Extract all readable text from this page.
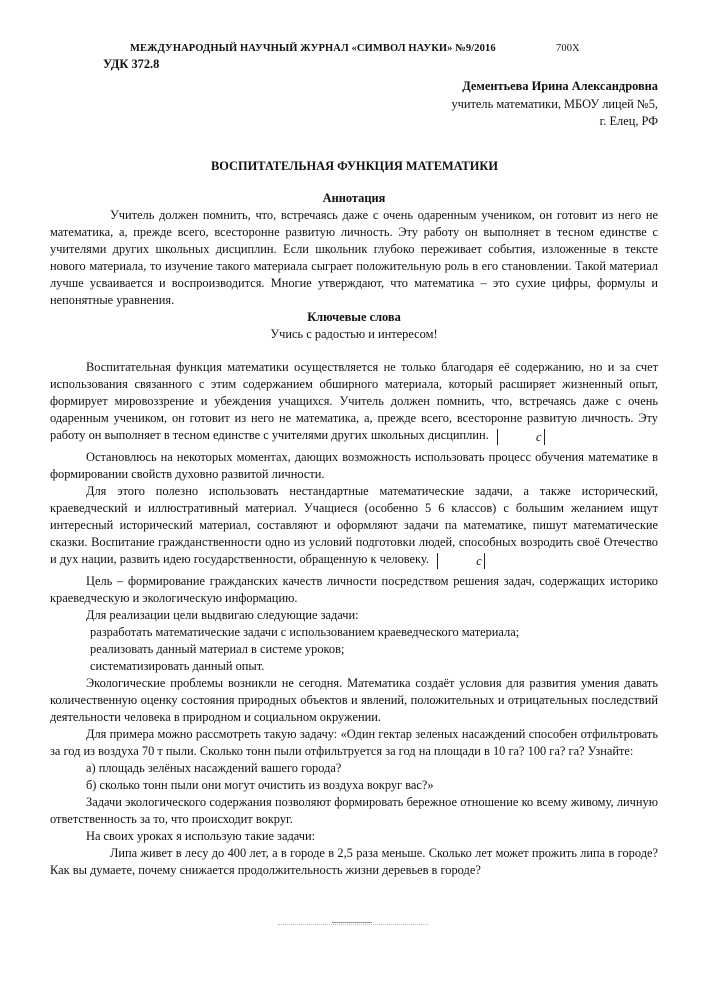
МЕЖДУНАРОДНЫЙ НАУЧНЫЙ ЖУРНАЛ «СИМВОЛ НАУКИ» №9/2016	700X
УДК 372.8
Дементьева Ирина Александровна
учитель математики, МБОУ лицей №5,
г. Елец, РФ
ВОСПИТАТЕЛЬНАЯ ФУНКЦИЯ МАТЕМАТИКИ
Аннотация

Учитель должен помнить, что, встречаясь даже с очень одаренным учеником, он готовит из него не математика, а, прежде всего, всесторонне развитую личность. Эту работу он выполняет в тесном единстве с учителями других школьных дисциплин. Если школьник глубоко переживает события, изложенные в тексте нового материала, то изучение такого материала сыграет положительную роль в его становлении. Такой материал лучше усваивается и воспроизводится. Многие утверждают, что математика – это сухие цифры, формулы и непонятные уравнения.

Ключевые слова

Учись с радостью и интересом!

Воспитательная функция математики осуществляется не только благодаря её содержанию, но и за счет использования связанного с этим содержанием обширного материала, который расширяет жизненный опыт, формирует мировоззрение и убеждения учащихся. Учитель должен помнить, что, встречаясь даже с очень одаренным учеником, он готовит из него не математика, а, прежде всего, всесторонне развитую личность. Эту работу он выполняет в тесном единстве с учителями других школьных дисциплин.	c

Остановлюсь на некоторых моментах, дающих возможность использовать процесс обучения математике в формировании свойств духовно развитой личности.

Для этого полезно использовать нестандартные математические задачи, а также исторический, краеведческий и иллюстративный материал. Учащиеся (особенно 5 6 классов) с большим желанием ищут интересный исторический материал, составляют и оформляют задачи па математике, пишут математические сказки. Воспитание гражданственности одно из условий подготовки людей, способных возродить своё Отечество и дух нации, развить идею государственности, обращенную к человеку.	c

Цель – формирование гражданских качеств личности посредством решения задач, содержащих историко краеведческую и экологическую информацию.

Для реализации цели выдвигаю следующие задачи:

разработать математические задачи с использованием краеведческого материала;

реализовать данный материал в системе уроков;

систематизировать данный опыт.

Экологические проблемы возникли не сегодня. Математика создаёт условия для развития умения давать количественную оценку состояния природных объектов и явлений, положительных и отрицательных последствий деятельности человека в природном и социальном окружении.

Для примера можно рассмотреть такую задачу: «Один гектар зеленых насаждений способен отфильтровать за год из воздуха 70 т пыли. Сколько тонн пыли отфильтруется за год на площади в 10 га? 100 га? га? Узнайте:

а) площадь зелёных насаждений вашего города?

б) сколько тонн пыли они могут очистить из воздуха вокруг вас?»

Задачи экологического содержания позволяют формировать бережное отношение ко всему живому, личную ответственность за то, что происходит вокруг.

На своих уроках я использую такие задачи:

Липа живет в лесу до 400 лет, а в городе в 2,5 раза меньше. Сколько лет может прожить липа в городе? Как вы думаете, почему снижается продолжительность жизни деревьев в городе?
